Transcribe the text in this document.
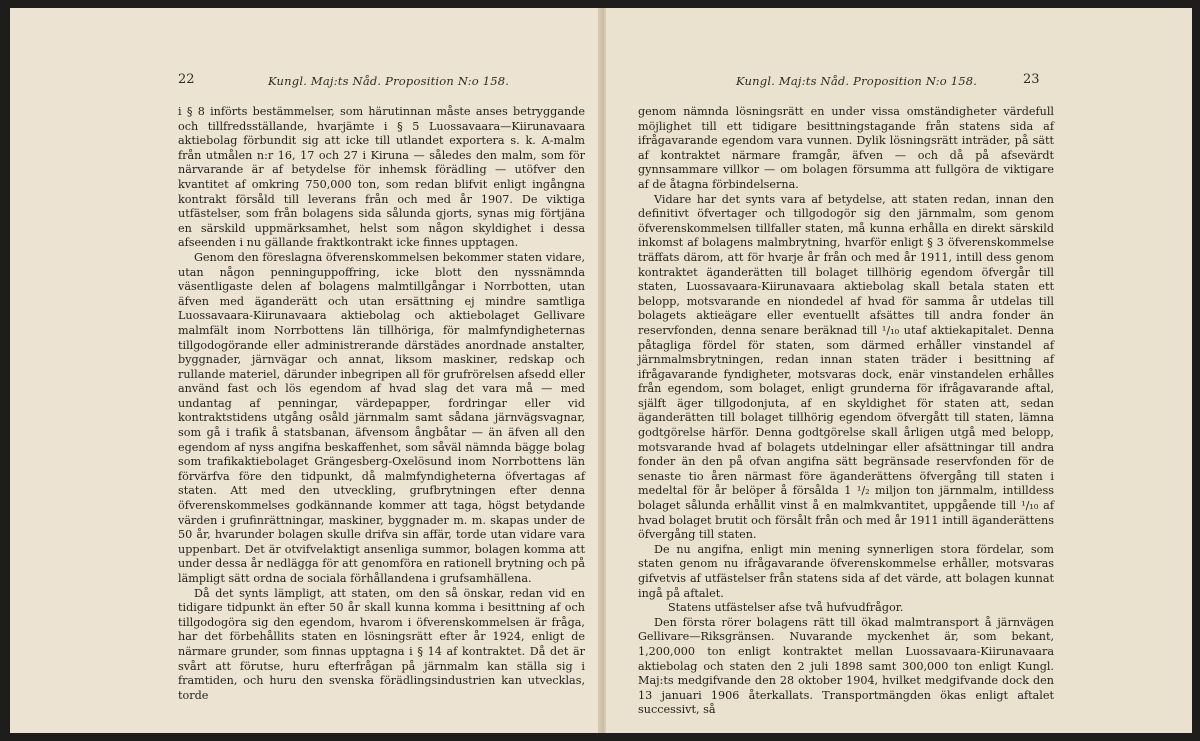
22	Kungl. Maj:ts Nåd. Proposition N:o 158.

i § 8 införts bestämmelser, som härutinnan måste anses betryggande och tillfredsställande, hvarjämte i § 5 Luossavaara—Kiirunavaara aktiebolag förbundit sig att icke till utlandet exportera s. k. A-malm från utmålen n:r 16, 17 och 27 i Kiruna — således den malm, som för närvarande är af betydelse för inhemsk förädling — utöfver den kvantitet af omkring 750,000 ton, som redan blifvit enligt ingångna kontrakt försåld till leverans från och med år 1907. De viktiga utfästelser, som från bolagens sida sålunda gjorts, synas mig förtjäna en särskild uppmärksamhet, helst som någon skyldighet i dessa afseenden i nu gällande fraktkontrakt icke finnes upptagen.

Genom den föreslagna öfverenskommelsen bekommer staten vidare, utan någon penninguppoffring, icke blott den nyssnämnda väsentligaste delen af bolagens malmtillgångar i Norrbotten, utan äfven med äganderätt och utan ersättning ej mindre samtliga Luossavaara-Kiirunavaara aktiebolag och aktiebolaget Gellivare malmfält inom Norrbottens län tillhöriga, för malmfyndigheternas tillgodogörande eller administrerande därstädes anordnade anstalter, byggnader, järnvägar och annat, liksom maskiner, redskap och rullande materiel, därunder inbegripen all för grufrörelsen afsedd eller använd fast och lös egendom af hvad slag det vara må — med undantag af penningar, värdepapper, fordringar eller vid kontraktstidens utgång osåld järnmalm samt sådana järnvägsvagnar, som gå i trafik å statsbanan, äfvensom ångbåtar — än äfven all den egendom af nyss angifna beskaffenhet, som såväl nämnda bägge bolag som trafikaktiebolaget Grängesberg-Oxelösund inom Norrbottens län förvärfva före den tidpunkt, då malmfyndigheterna öfvertagas af staten. Att med den utveckling, grufbrytningen efter denna öfverenskommelses godkännande kommer att taga, högst betydande värden i grufinrättningar, maskiner, byggnader m. m. skapas under de 50 år, hvarunder bolagen skulle drifva sin affär, torde utan vidare vara uppenbart. Det är otvifvelaktigt ansenliga summor, bolagen komma att under dessa år nedlägga för att genomföra en rationell brytning och på lämpligt sätt ordna de sociala förhållandena i grufsamhällena.

Då det synts lämpligt, att staten, om den så önskar, redan vid en tidigare tidpunkt än efter 50 år skall kunna komma i besittning af och tillgodogöra sig den egendom, hvarom i öfverenskommelsen är fråga, har det förbehållits staten en lösningsrätt efter år 1924, enligt de närmare grunder, som finnas upptagna i § 14 af kontraktet. Då det är svårt att förutse, huru efterfrågan på järnmalm kan ställa sig i framtiden, och huru den svenska förädlingsindustrien kan utvecklas, torde

Kungl. Maj:ts Nåd. Proposition N:o 158.	23

genom nämnda lösningsrätt en under vissa omständigheter värdefull möjlighet till ett tidigare besittningstagande från statens sida af ifrågavarande egendom vara vunnen. Dylik lösningsrätt inträder, på sätt af kontraktet närmare framgår, äfven — och då på afsevärdt gynnsammare villkor — om bolagen försumma att fullgöra de viktigare af de åtagna förbindelserna.

Vidare har det synts vara af betydelse, att staten redan, innan den definitivt öfvertager och tillgodogör sig den järnmalm, som genom öfverenskommelsen tillfaller staten, må kunna erhålla en direkt särskild inkomst af bolagens malmbrytning, hvarför enligt § 3 öfverenskommelse träffats därom, att för hvarje år från och med år 1911, intill dess genom kontraktet äganderätten till bolaget tillhörig egendom öfvergår till staten, Luossavaara-Kiirunavaara aktiebolag skall betala staten ett belopp, motsvarande en niondedel af hvad för samma år utdelas till bolagets aktieägare eller eventuellt afsättes till andra fonder än reservfonden, denna senare beräknad till ¹/₁₀ utaf aktiekapitalet. Denna påtagliga fördel för staten, som därmed erhåller vinstandel af järnmalmsbrytningen, redan innan staten träder i besittning af ifrågavarande fyndigheter, motsvaras dock, enär vinstandelen erhålles från egendom, som bolaget, enligt grunderna för ifrågavarande aftal, själft äger tillgodonjuta, af en skyldighet för staten att, sedan äganderätten till bolaget tillhörig egendom öfvergått till staten, lämna godtgörelse härför. Denna godtgörelse skall årligen utgå med belopp, motsvarande hvad af bolagets utdelningar eller afsättningar till andra fonder än den på ofvan angifna sätt begränsade reservfonden för de senaste tio åren närmast före äganderättens öfvergång till staten i medeltal för år belöper å försålda 1 ¹/₂ miljon ton järnmalm, intilldess bolaget sålunda erhållit vinst å en malmkvantitet, uppgående till ¹/₁₀ af hvad bolaget brutit och försålt från och med år 1911 intill äganderättens öfvergång till staten.

De nu angifna, enligt min mening synnerligen stora fördelar, som staten genom nu ifrågavarande öfverenskommelse erhåller, motsvaras gifvetvis af utfästelser från statens sida af det värde, att bolagen kunnat ingå på aftalet.

Statens utfästelser afse två hufvudfrågor.

Den första rörer bolagens rätt till ökad malmtransport å järnvägen Gellivare—Riksgränsen. Nuvarande myckenhet är, som bekant, 1,200,000 ton enligt kontraktet mellan Luossavaara-Kiirunavaara aktiebolag och staten den 2 juli 1898 samt 300,000 ton enligt Kungl. Maj:ts medgifvande den 28 oktober 1904, hvilket medgifvande dock den 13 januari 1906 återkallats. Transportmängden ökas enligt aftalet successivt, så
